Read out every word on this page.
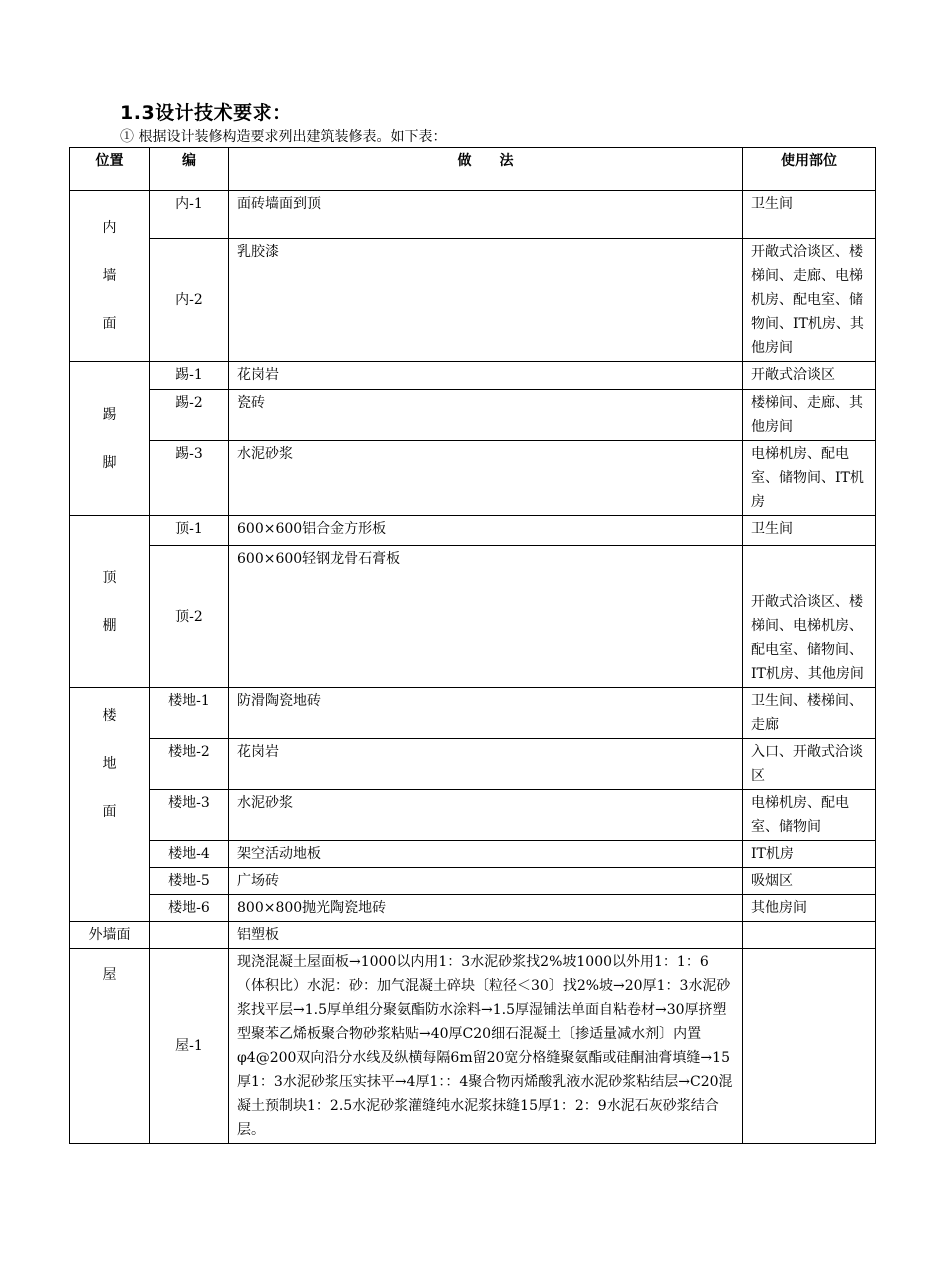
1.3设计技术要求：
① 根据设计装修构造要求列出建筑装修表。如下表：
位置	编	做　　法	使用部位

内
墙
面	内-1	面砖墙面到顶	卫生间
	内-2	乳胶漆	开敞式洽谈区、楼梯间、走廊、电梯机房、配电室、储物间、IT机房、其他房间

踢
脚	踢-1	花岗岩	开敞式洽谈区
	踢-2	瓷砖	楼梯间、走廊、其他房间
	踢-3	水泥砂浆	电梯机房、配电室、储物间、IT机房

顶
棚	顶-1	600×600铝合金方形板	卫生间
	顶-2	600×600轻钢龙骨石膏板	开敞式洽谈区、楼梯间、电梯机房、配电室、储物间、IT机房、其他房间

楼
地
面	楼地-1	防滑陶瓷地砖	卫生间、楼梯间、走廊
	楼地-2	花岗岩	入口、开敞式洽谈区
	楼地-3	水泥砂浆	电梯机房、配电室、储物间
	楼地-4	架空活动地板	IT机房
	楼地-5	广场砖	吸烟区
	楼地-6	800×800抛光陶瓷地砖	其他房间
外墙面		铝塑板	
屋	屋-1	现浇混凝土屋面板→1000以内用1：3水泥砂浆找2%坡1000以外用1：1：6（体积比）水泥：砂：加气混凝土碎块〔粒径＜30〕找2%坡→20厚1：3水泥砂浆找平层→1.5厚单组分聚氨酯防水涂料→1.5厚湿铺法单面自粘卷材→30厚挤塑型聚苯乙烯板聚合物砂浆粘贴→40厚C20细石混凝土〔掺适量减水剂〕内置φ4@200双向沿分水线及纵横每隔6m留20宽分格缝聚氨酯或硅酮油膏填缝→15厚1：3水泥砂浆压实抹平→4厚1：：4聚合物丙烯酸乳液水泥砂浆粘结层→C20混凝土预制块1：2.5水泥砂浆灌缝纯水泥浆抹缝15厚1：2：9水泥石灰砂浆结合层。	
